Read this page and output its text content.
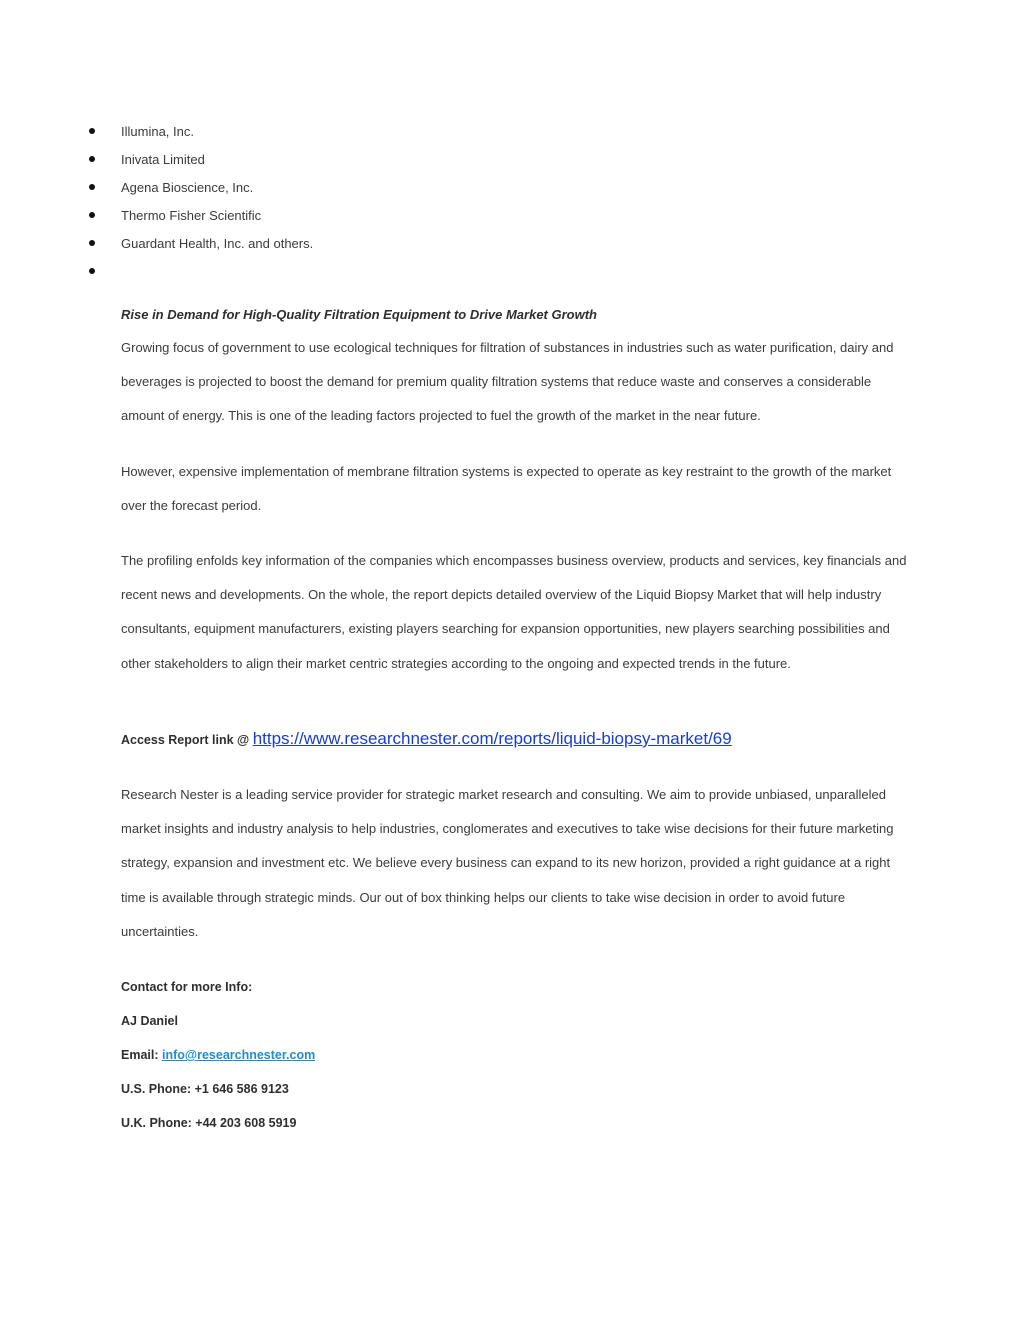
Illumina, Inc.
Inivata Limited
Agena Bioscience, Inc.
Thermo Fisher Scientific
Guardant Health, Inc. and others.
Rise in Demand for High-Quality Filtration Equipment to Drive Market Growth

Growing focus of government to use ecological techniques for filtration of substances in industries such as water purification, dairy and beverages is projected to boost the demand for premium quality filtration systems that reduce waste and conserves a considerable amount of energy. This is one of the leading factors projected to fuel the growth of the market in the near future.

However, expensive implementation of membrane filtration systems is expected to operate as key restraint to the growth of the market over the forecast period.

The profiling enfolds key information of the companies which encompasses business overview, products and services, key financials and recent news and developments. On the whole, the report depicts detailed overview of the Liquid Biopsy Market that will help industry consultants, equipment manufacturers, existing players searching for expansion opportunities, new players searching possibilities and other stakeholders to align their market centric strategies according to the ongoing and expected trends in the future.

Access Report link @ https://www.researchnester.com/reports/liquid-biopsy-market/69

Research Nester is a leading service provider for strategic market research and consulting. We aim to provide unbiased, unparalleled market insights and industry analysis to help industries, conglomerates and executives to take wise decisions for their future marketing strategy, expansion and investment etc. We believe every business can expand to its new horizon, provided a right guidance at a right time is available through strategic minds. Our out of box thinking helps our clients to take wise decision in order to avoid future uncertainties.

Contact for more Info:
AJ Daniel
Email: info@researchnester.com
U.S. Phone: +1 646 586 9123
U.K. Phone: +44 203 608 5919
